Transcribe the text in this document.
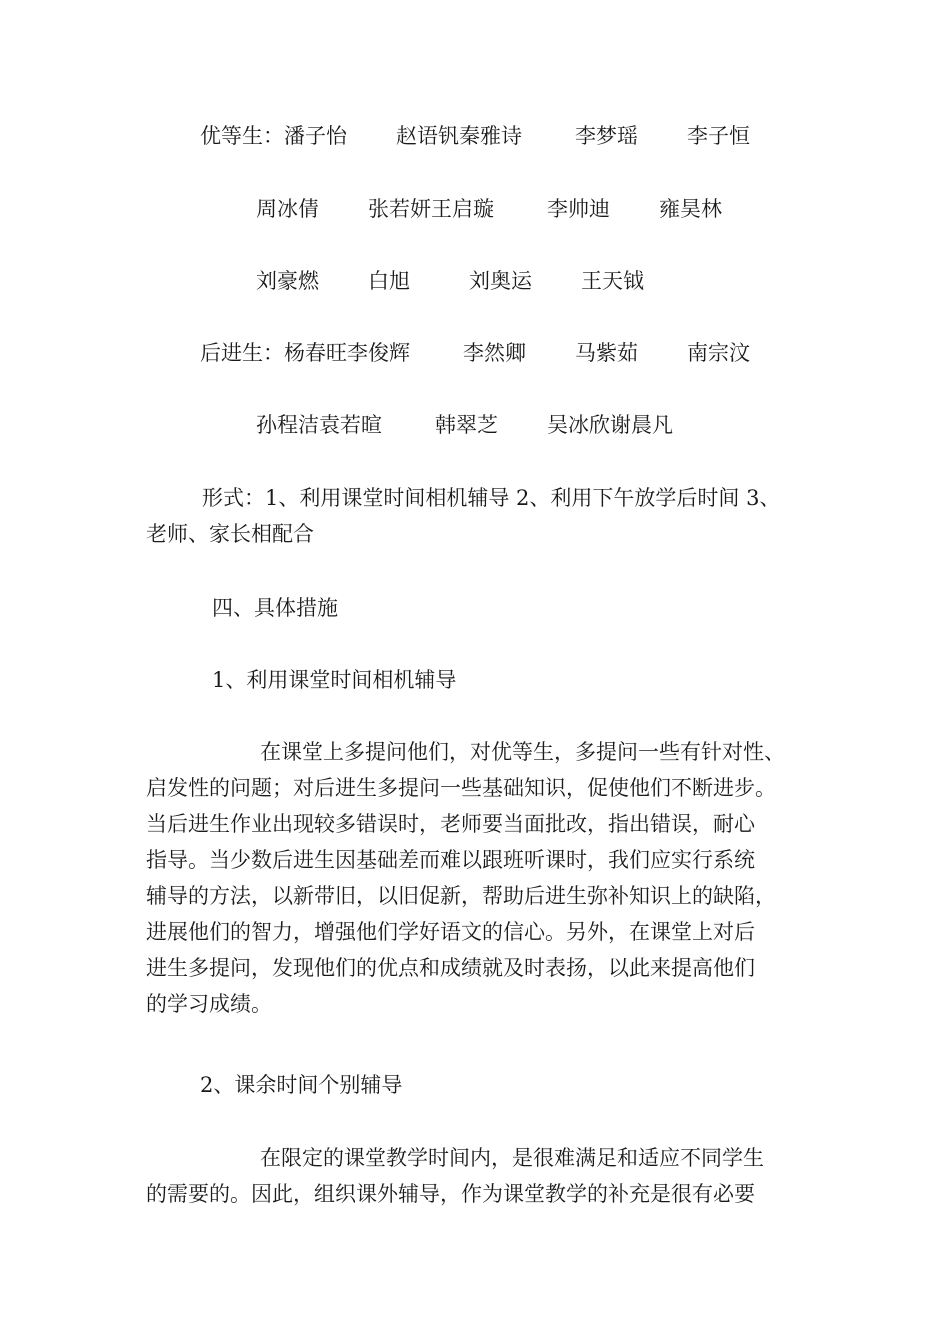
优等生：潘子怡 赵语钒秦雅诗	李梦瑶 李子恒
周冰倩 张若妍王启璇	李帅迪 雍昊林
刘豪燃 白旭	刘奥运 王天钺
后进生：杨春旺李俊辉	李然卿 马紫茹 南宗汶
孙程洁袁若暄	韩翠芝 吴冰欣谢晨凡
形式：1、利用课堂时间相机辅导 2、利用下午放学后时间 3、
老师、家长相配合
四、具体措施
1、利用课堂时间相机辅导
在课堂上多提问他们，对优等生，多提问一些有针对性、
启发性的问题；对后进生多提问一些基础知识，促使他们不断进步。
当后进生作业出现较多错误时，老师要当面批改，指出错误，耐心
指导。当少数后进生因基础差而难以跟班听课时，我们应实行系统
辅导的方法，以新带旧，以旧促新，帮助后进生弥补知识上的缺陷，
进展他们的智力，增强他们学好语文的信心。另外，在课堂上对后
进生多提问，发现他们的优点和成绩就及时表扬，以此来提高他们
的学习成绩。
2、课余时间个别辅导
在限定的课堂教学时间内，是很难满足和适应不同学生
的需要的。因此，组织课外辅导，作为课堂教学的补充是很有必要
